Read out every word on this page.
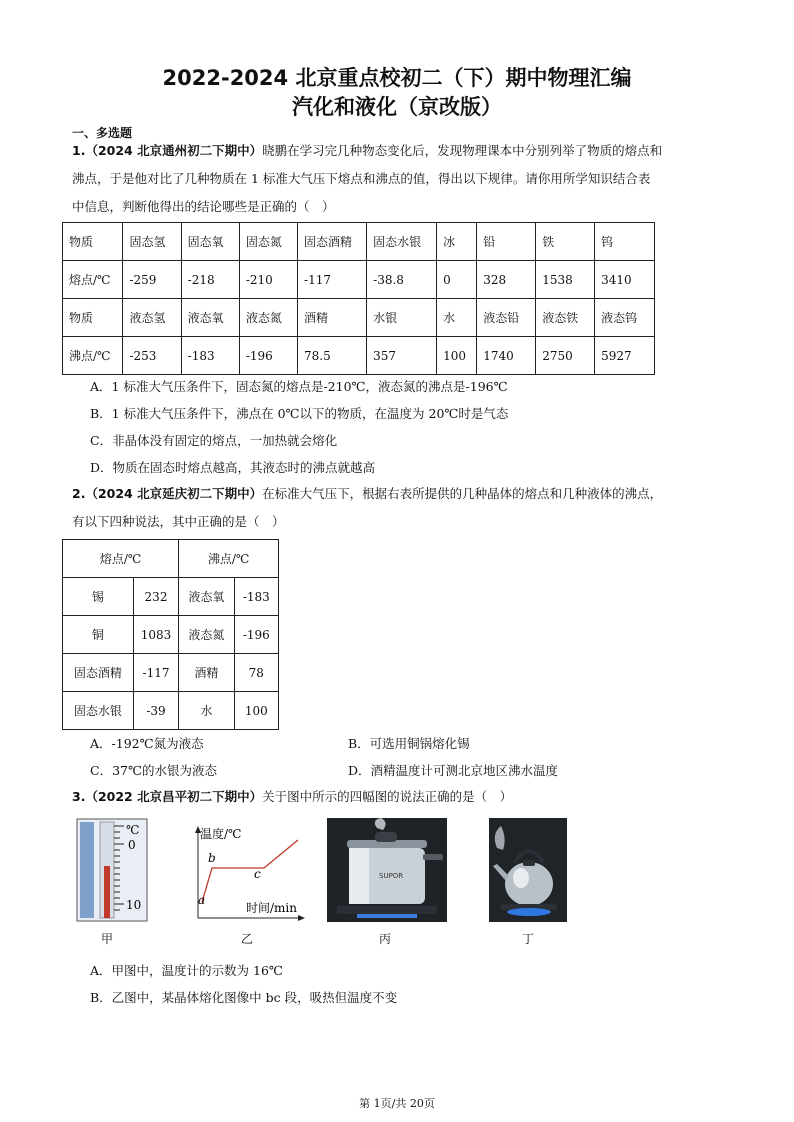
2022-2024 北京重点校初二（下）期中物理汇编
汽化和液化（京改版）
一、多选题
1.（2024 北京通州初二下期中）晓鹏在学习完几种物态变化后，发现物理课本中分别列举了物质的熔点和
沸点，于是他对比了几种物质在 1 标准大气压下熔点和沸点的值，得出以下规律。请你用所学知识结合表
中信息，判断他得出的结论哪些是正确的（　）
物质	固态氢	固态氧	固态氮	固态酒精	固态水银	冰	铅	铁	钨
熔点/℃	-259	-218	-210	-117	-38.8	0	328	1538	3410
物质	液态氢	液态氧	液态氮	酒精	水银	水	液态铅	液态铁	液态钨
沸点/℃	-253	-183	-196	78.5	357	100	1740	2750	5927
A．1 标准大气压条件下，固态氮的熔点是-210℃，液态氮的沸点是-196℃
B．1 标准大气压条件下，沸点在 0℃以下的物质，在温度为 20℃时是气态
C．非晶体没有固定的熔点，一加热就会熔化
D．物质在固态时熔点越高，其液态时的沸点就越高
2.（2024 北京延庆初二下期中）在标准大气压下，根据右表所提供的几种晶体的熔点和几种液体的沸点，
有以下四种说法，其中正确的是（　）
熔点/℃		沸点/℃	
锡	232	液态氧	-183
铜	1083	液态氮	-196
固态酒精	-117	酒精	78
固态水银	-39	水	100
A．-192℃氮为液态	B．可选用铜锅熔化锡
C．37℃的水银为液态	D．酒精温度计可测北京地区沸水温度
3.（2022 北京昌平初二下期中）关于图中所示的四幅图的说法正确的是（　）
℃
0
10
甲
温度/℃
时间/min
a
b
c
乙
SUPOR
丙	丁
A．甲图中，温度计的示数为 16℃
B．乙图中，某晶体熔化图像中 bc 段，吸热但温度不变
第 1页/共 20页
